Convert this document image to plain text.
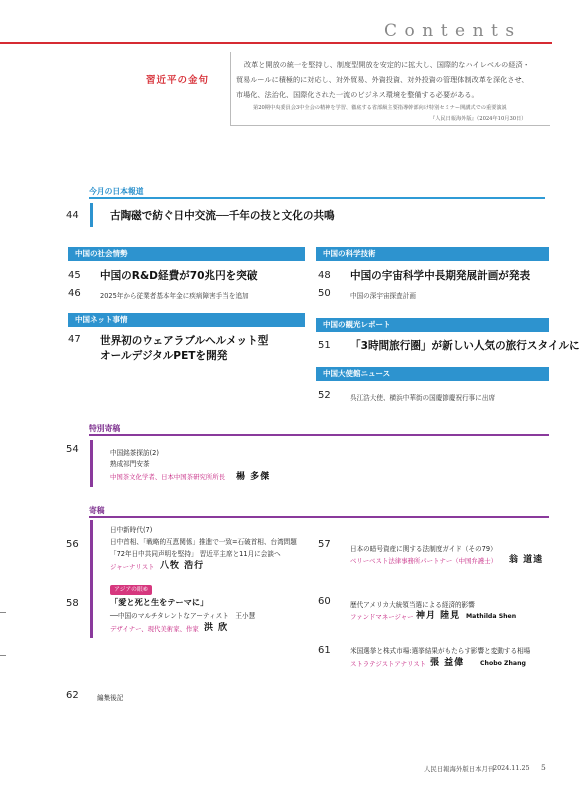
Contents
習近平の金句
改革と開放の統一を堅持し、制度型開放を安定的に拡大し、国際的なハイレベルの経済・
貿易ルールに積極的に対応し、対外貿易、外資投資、対外投資の管理体制改革を深化させ、
市場化、法治化、国際化された一流のビジネス環境を整備する必要がある。
第20期中央委員会3中全会の精神を学習、徹底する省部級主要指導幹部向け特別セミナー開講式での重要演説
『人民日報海外版』（2024年10月30日）
今月の日本報道
44	古陶磁で紡ぐ日中交流──千年の技と文化の共鳴
中国の社会情勢
45 中国のR&D経費が70兆円を突破
46	2025年から従業者基本年金に疾病障害手当を追加
中国ネット事情
47 世界初のウェアラブルヘルメット型
オールデジタルPETを開発
中国の科学技術
48 中国の宇宙科学中長期発展計画が発表
50	中国の深宇宙探査計画
中国の観光レポート
51 「3時間旅行圏」が新しい人気の旅行スタイルに
中国大使館ニュース
52	呉江浩大使、横浜中華街の国慶節慶祝行事に出席
特別寄稿
54	中国銘茶探訪(2)
熟成祁門安茶
中国茶文化学者、日本中国茶研究所所長 楊 多傑
寄稿
56
日中新時代(7)
日中首相、「戦略的互恵関係」推進で一致=石破首相、台湾問題
「72年日中共同声明を堅持」 習近平主席と11月に会談へ
ジャーナリスト 八牧 浩行
58
アジアの眼⑥
「愛と死と生をテーマに」
──中国のマルチタレントなアーティスト　王小慧
デザイナー、現代美術家、作家 洪 欣
57	日本の暗号資産に関する法制度ガイド（その79）
ベリーベスト法律事務所パートナー（中国弁護士） 翁 道逵
60	歴代アメリカ大統領当選による経済的影響
ファンドマネージャー 神月 陸見 Mathilda Shen
61	米国選挙と株式市場:選挙結果がもたらす影響と変動する相場
ストラテジストアナリスト 張 益偉	Chobo Zhang
62	編集後記
人民日報海外版日本月刊
2024.11.25 5
